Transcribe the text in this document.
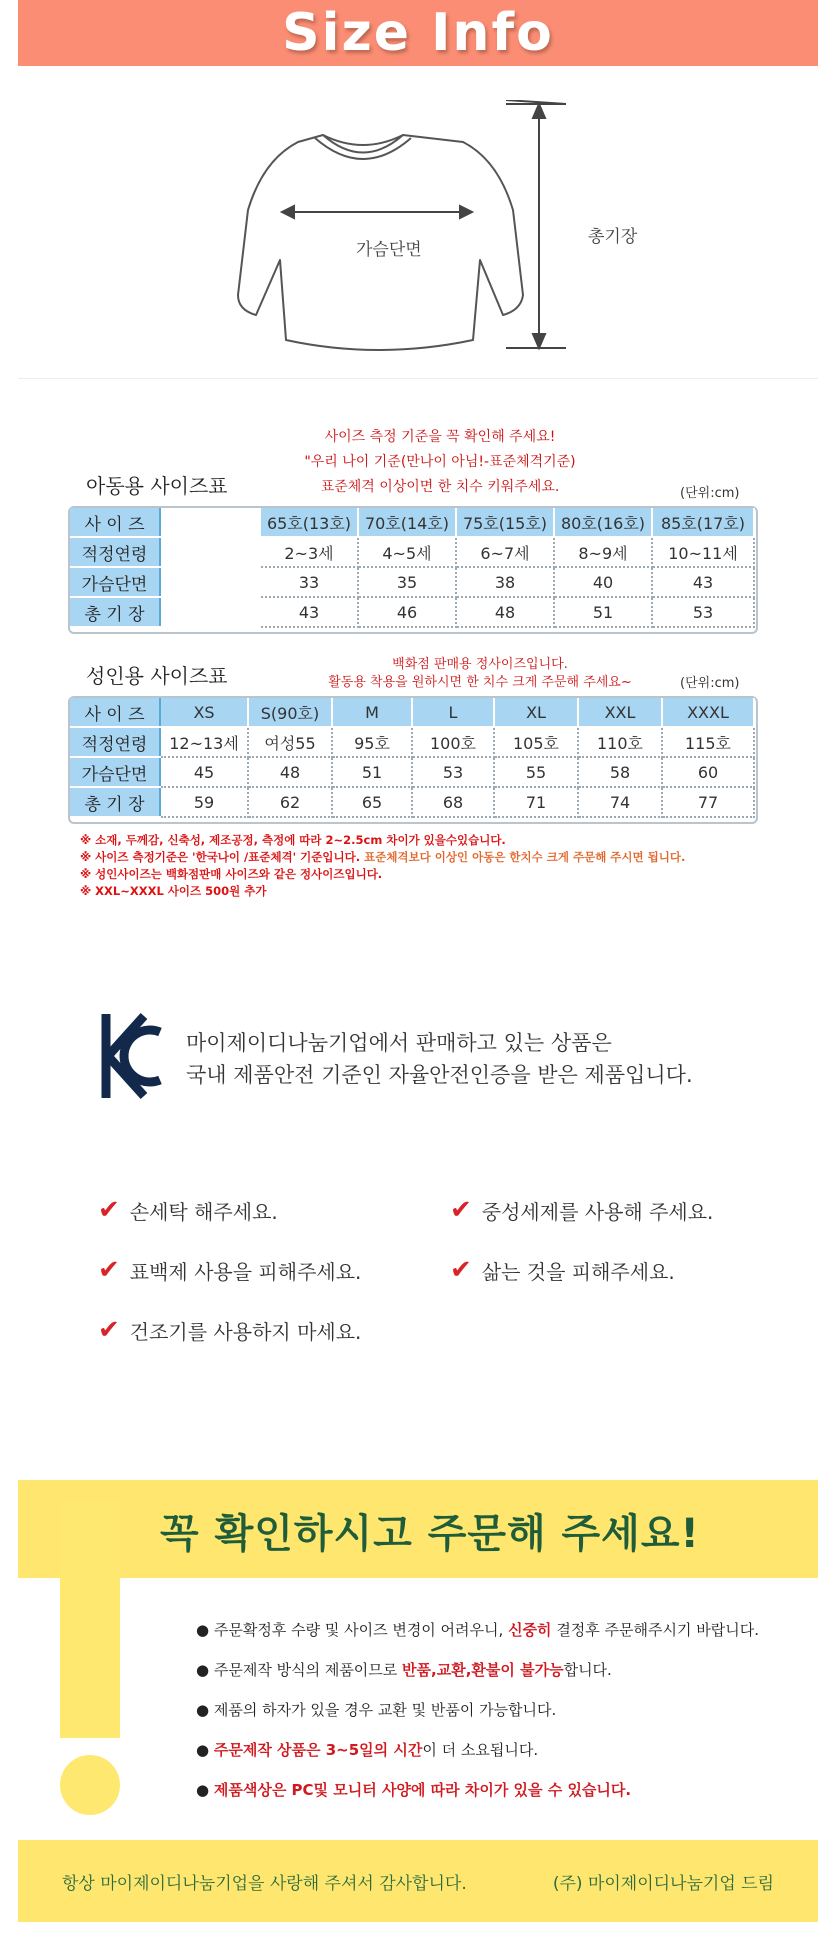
Size Info
가슴단면
총기장
사이즈 측정 기준을 꼭 확인해 주세요!
"우리 나이 기준(만나이 아님!-표준체격기준)
표준체격 이상이면 한 치수 키워주세요.
아동용 사이즈표	(단위:cm)
사 이 즈		65호(13호)	70호(14호)	75호(15호)	80호(16호)	85호(17호)
적정연령		2~3세	4~5세	6~7세	8~9세	10~11세
가슴단면		33	35	38	40	43
총 기 장		43	46	48	51	53
백화점 판매용 정사이즈입니다.
활동용 착용을 원하시면 한 치수 크게 주문해 주세요~
성인용 사이즈표	(단위:cm)
사 이 즈	XS	S(90호)	M	L	XL	XXL	XXXL
적정연령	12~13세	여성55	95호	100호	105호	110호	115호
가슴단면	45	48	51	53	55	58	60
총 기 장	59	62	65	68	71	74	77
※ 소재, 두께감, 신축성, 제조공정, 측정에 따라 2~2.5cm 차이가 있을수있습니다.
※ 사이즈 측정기준은 '한국나이 /표준체격' 기준입니다. 표준체격보다 이상인 아동은 한치수 크게 주문해 주시면 됩니다.
※ 성인사이즈는 백화점판매 사이즈와 같은 정사이즈입니다.
※ XXL~XXXL 사이즈 500원 추가
마이제이디나눔기업에서 판매하고 있는 상품은
국내 제품안전 기준인 자율안전인증을 받은 제품입니다.
✔ 손세탁 해주세요.	✔ 중성세제를 사용해 주세요.
✔ 표백제 사용을 피해주세요.	✔ 삶는 것을 피해주세요.
✔ 건조기를 사용하지 마세요.
꼭 확인하시고 주문해 주세요!
● 주문확정후 수량 및 사이즈 변경이 어려우니, 신중히 결정후 주문해주시기 바랍니다.
● 주문제작 방식의 제품이므로 반품,교환,환불이 불가능합니다.
● 제품의 하자가 있을 경우 교환 및 반품이 가능합니다.
● 주문제작 상품은 3~5일의 시간이 더 소요됩니다.
● 제품색상은 PC및 모니터 사양에 따라 차이가 있을 수 있습니다.
항상 마이제이디나눔기업을 사랑해 주셔서 감사합니다.	(주) 마이제이디나눔기업 드림
